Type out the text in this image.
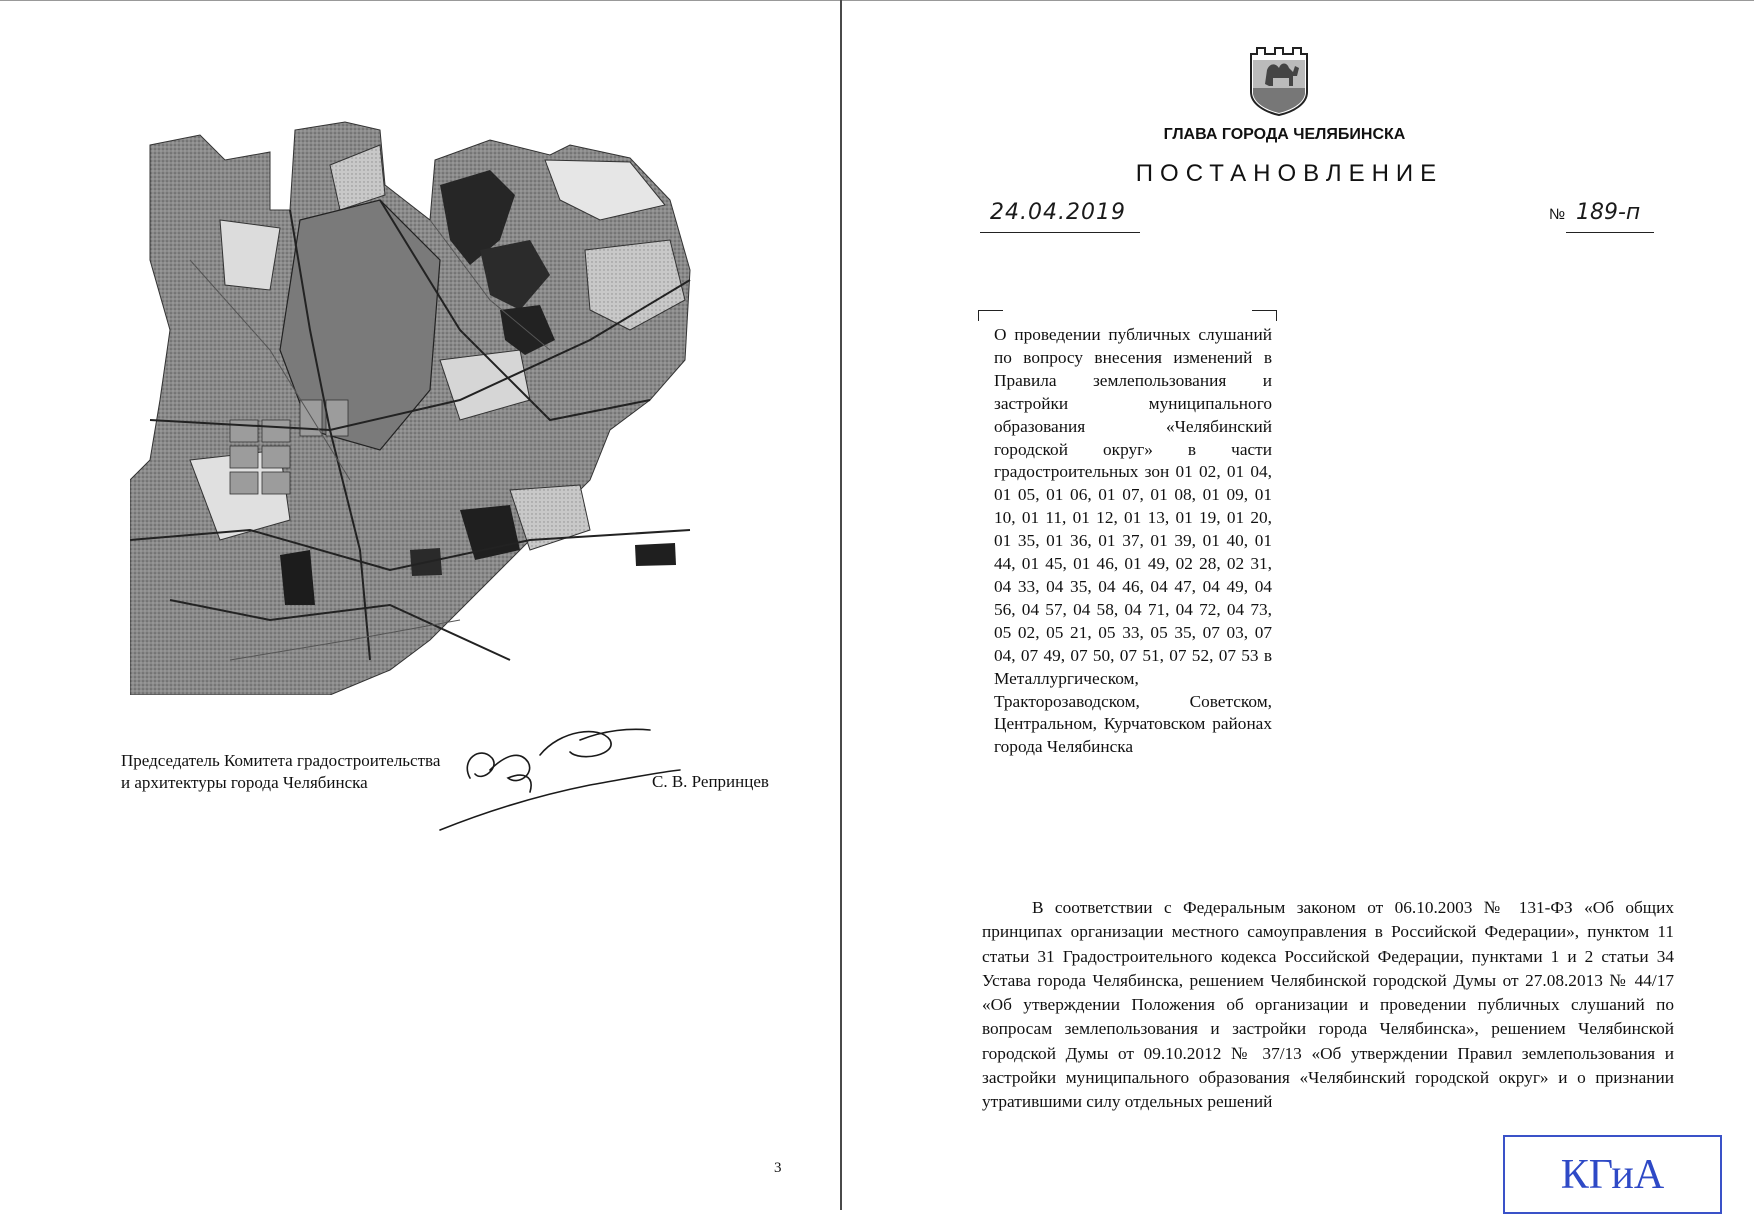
Председатель Комитета градостроительства
и архитектуры города Челябинска	С. В. Репринцев
3
ГЛАВА ГОРОДА ЧЕЛЯБИНСКА
ПОСТАНОВЛЕНИЕ
24.04.2019	№ 189-п
О проведении публичных слушаний по вопросу внесения изменений в Правила землепользования и застройки муниципального образования «Челябинский городской округ» в части градостроительных зон 01 02, 01 04, 01 05, 01 06, 01 07, 01 08, 01 09, 01 10, 01 11, 01 12, 01 13, 01 19, 01 20, 01 35, 01 36, 01 37, 01 39, 01 40, 01 44, 01 45, 01 46, 01 49, 02 28, 02 31, 04 33, 04 35, 04 46, 04 47, 04 49, 04 56, 04 57, 04 58, 04 71, 04 72, 04 73, 05 02, 05 21, 05 33, 05 35, 07 03, 07 04, 07 49, 07 50, 07 51, 07 52, 07 53 в Металлургическом, Тракторозаводском, Советском, Центральном, Курчатовском районах города Челябинска
В соответствии с Федеральным законом от 06.10.2003 № 131-ФЗ «Об общих принципах организации местного самоуправления в Российской Федерации», пунктом 11 статьи 31 Градостроительного кодекса Российской Федерации, пунктами 1 и 2 статьи 34 Устава города Челябинска, решением Челябинской городской Думы от 27.08.2013 № 44/17 «Об утверждении Положения об организации и проведении публичных слушаний по вопросам землепользования и застройки города Челябинска», решением Челябинской городской Думы от 09.10.2012 № 37/13 «Об утверждении Правил землепользования и застройки муниципального образования «Челябинский городской округ» и о признании утратившими силу отдельных решений
КГиА
